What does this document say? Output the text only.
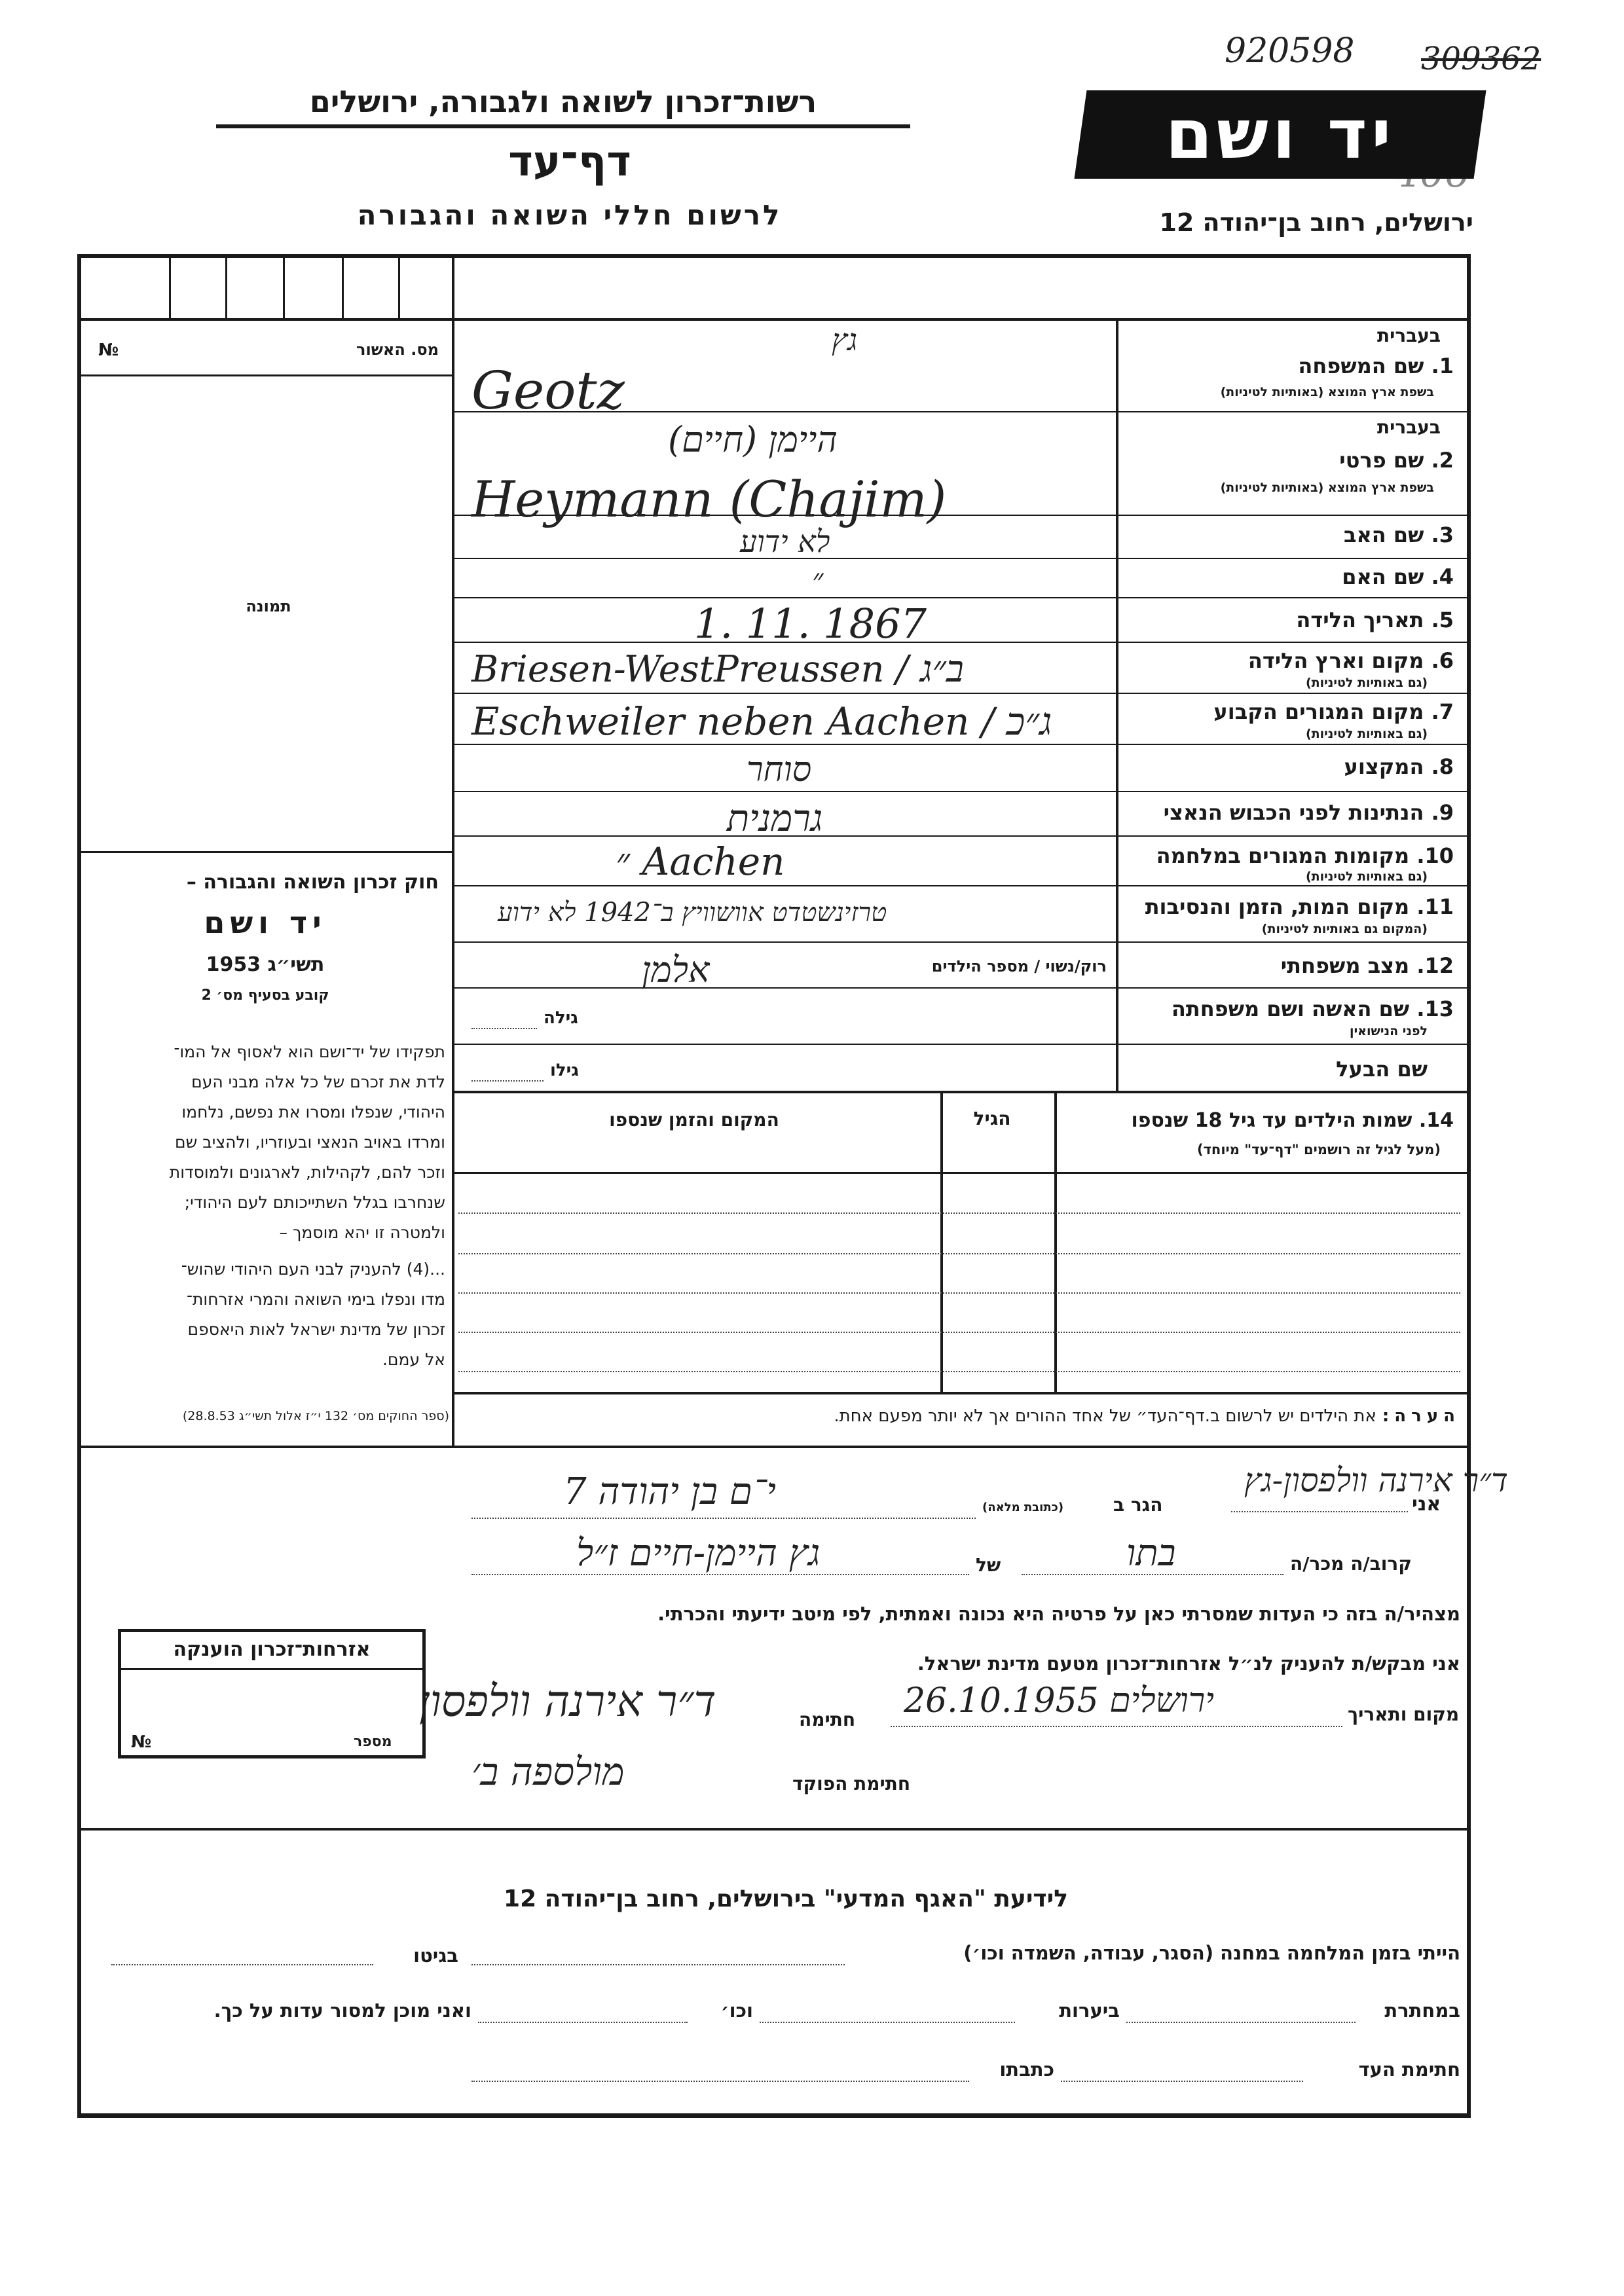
920598 309362
רשות־זכרון לשואה ולגבורה, ירושלים
דף־עד
לרשום חללי השואה והגבורה
יד ושם
ירושלים, רחוב בן־יהודה 12
מס. האשור
№
תמונה
חוק זכרון השואה והגבורה –
יד ושם
תשי״ג 1953
קובע בסעיף מס׳ 2
תפקידו של יד־ושם הוא לאסוף אל המו־
לדת את זכרם של כל אלה מבני העם
היהודי, שנפלו ומסרו את נפשם, נלחמו
ומרדו באויב הנאצי ובעוזריו, ולהציב שם
וזכר להם, לקהילות, לארגונים ולמוסדות
שנחרבו בגלל השתייכותם לעם היהודי;
ולמטרה זו יהא מוסמך –
...(4) להעניק לבני העם היהודי שהוש־
מדו ונפלו בימי השואה והמרי אזרחות־
זכרון של מדינת ישראל לאות היאספם
אל עמם.
(ספר החוקים מס׳ 132 י״ז אלול תשי״ג 28.8.53)
בעברית
1. שם המשפחה
בשפת ארץ המוצא (באותיות לטיניות)
בעברית
2. שם פרטי
בשפת ארץ המוצא (באותיות לטיניות)
3. שם האב
4. שם האם
5. תאריך הלידה
6. מקום וארץ הלידה
(גם באותיות לטיניות)
7. מקום המגורים הקבוע
(גם באותיות לטיניות)
8. המקצוע
9. הנתינות לפני הכבוש הנאצי
10. מקומות המגורים במלחמה
(גם באותיות לטיניות)
11. מקום המות, הזמן והנסיבות
(המקום גם באותיות לטיניות)
12. מצב משפחתי
13. שם האשה ושם משפחתה
לפני הנישואין
שם הבעל
גץ
Geotz
היימן (חיים)
Heymann (Chajim)
לא ידוע
״
1. 11. 1867
Briesen-WestPreussen / ב״ג
Eschweiler neben Aachen / ג״כ
סוחר
גרמנית
״ Aachen
טרזינשטדט אוושוויץ ב־1942 לא ידוע
רוק/נשוי / מספר הילדים
אלמן
גילה
גילו
14. שמות הילדים עד גיל 18 שנספו
(מעל לגיל זה רושמים "דף־עד" מיוחד)
הגיל
המקום והזמן שנספו
הערה: את הילדים יש לרשום ב.דף־העד״ של אחד ההורים אך לא יותר מפעם אחת.
אני
ד״ר אירנה וולפסון-גץ
הגר ב
(כתובת מלאה)
י־ם בן יהודה 7
קרוב/ה מכר/ה
בתו
של
גץ היימן-חיים ז״ל
מצהיר/ה בזה כי העדות שמסרתי כאן על פרטיה היא נכונה ואמתית, לפי מיטב ידיעתי והכרתי.
אני מבקש/ת להעניק לנ״ל אזרחות־זכרון מטעם מדינת ישראל.
מקום ותאריך
ירושלים 26.10.1955
חתימה
ד״ר אירנה וולפסון
חתימת הפוקד
מולספה ב׳
אזרחות־זכרון הוענקה
מספר
№
לידיעת "האגף המדעי" בירושלים, רחוב בן־יהודה 12
הייתי בזמן המלחמה במחנה (הסגר, עבודה, השמדה וכו׳)
בגיטו
במחתרת
ביערות
וכו׳
ואני מוכן למסור עדות על כך.
חתימת העד
כתבתו
